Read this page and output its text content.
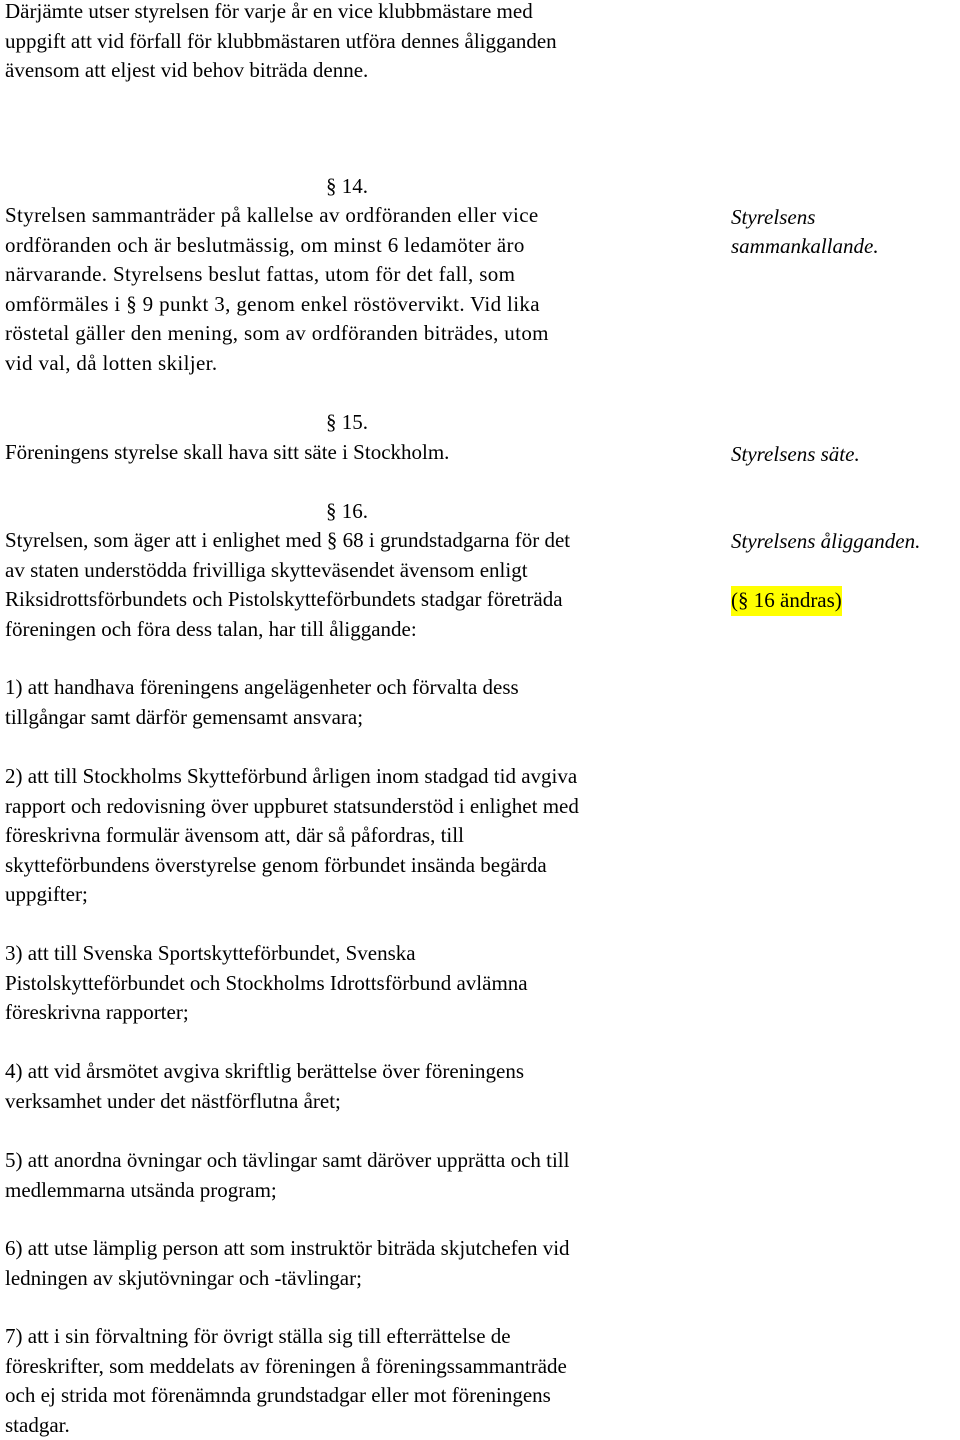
Därjämte utser styrelsen för varje år en vice klubbmästare med
uppgift att vid förfall för klubbmästaren utföra dennes åligganden
ävensom att eljest vid behov biträda denne.
§ 14.
Styrelsen sammanträder på kallelse av ordföranden eller vice
ordföranden och är beslutmässig, om minst 6 ledamöter äro
närvarande. Styrelsens beslut fattas, utom för det fall, som
omförmäles i § 9 punkt 3, genom enkel röstövervikt. Vid lika
röstetal gäller den mening, som av ordföranden biträdes, utom
vid val, då lotten skiljer.
Styrelsens
sammankallande.
§ 15.
Föreningens styrelse skall hava sitt säte i Stockholm.	Styrelsens säte.
§ 16.
Styrelsen, som äger att i enlighet med § 68 i grundstadgarna för det
av staten understödda frivilliga skytteväsendet ävensom enligt
Riksidrottsförbundets och Pistolskytteförbundets stadgar företräda
föreningen och föra dess talan, har till åliggande:
Styrelsens åligganden.
(§ 16 ändras)
1) att handhava föreningens angelägenheter och förvalta dess
tillgångar samt därför gemensamt ansvara;
2) att till Stockholms Skytteförbund årligen inom stadgad tid avgiva
rapport och redovisning över uppburet statsunderstöd i enlighet med
föreskrivna formulär ävensom att, där så påfordras, till
skytteförbundens överstyrelse genom förbundet insända begärda
uppgifter;
3) att till Svenska Sportskytteförbundet, Svenska
Pistolskytteförbundet och Stockholms Idrottsförbund avlämna
föreskrivna rapporter;
4) att vid årsmötet avgiva skriftlig berättelse över föreningens
verksamhet under det nästförflutna året;
5) att anordna övningar och tävlingar samt däröver upprätta och till
medlemmarna utsända program;
6) att utse lämplig person att som instruktör biträda skjutchefen vid
ledningen av skjutövningar och -tävlingar;
7) att i sin förvaltning för övrigt ställa sig till efterrättelse de
föreskrifter, som meddelats av föreningen å föreningssammanträde
och ej strida mot förenämnda grundstadgar eller mot föreningens
stadgar.
